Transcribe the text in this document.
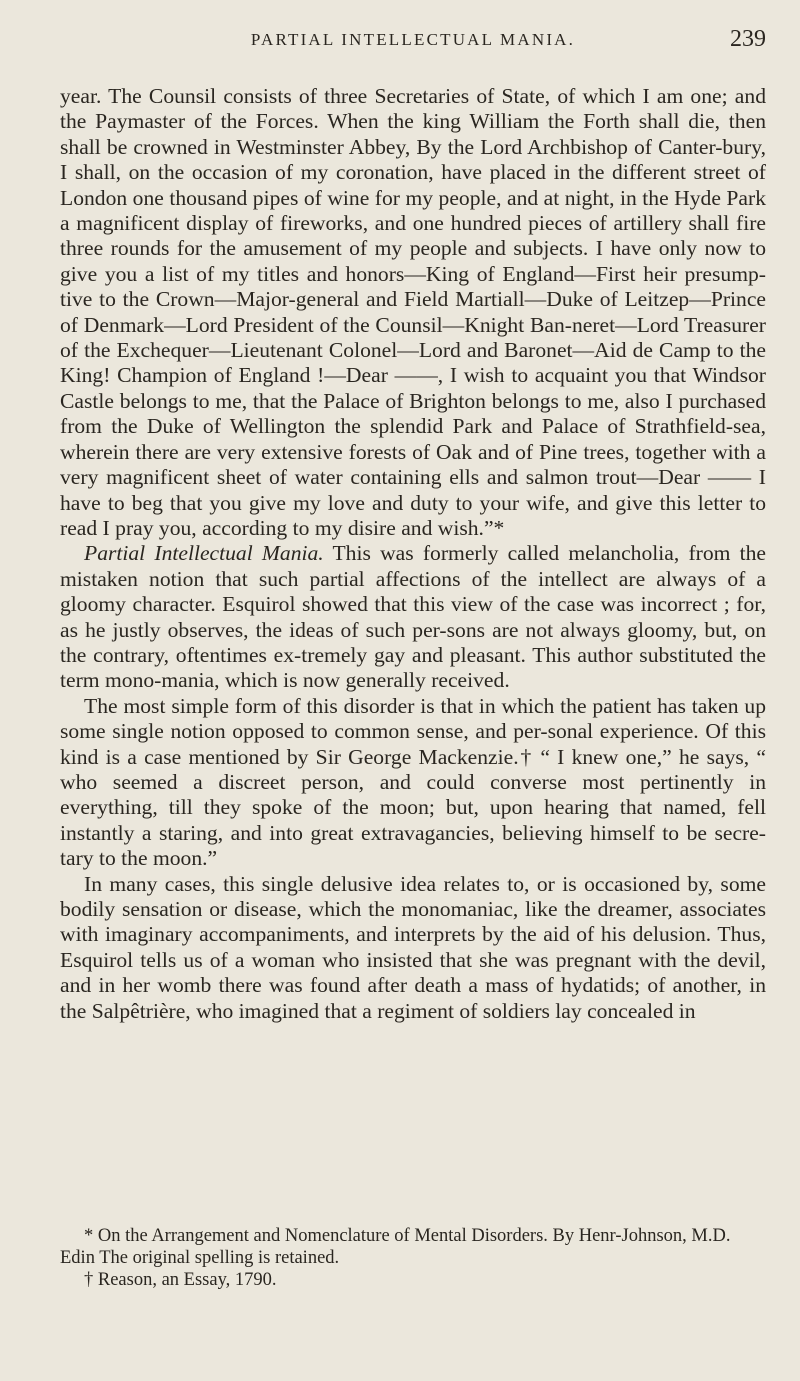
PARTIAL INTELLECTUAL MANIA.	239

year. The Counsil consists of three Secretaries of State, of which I am one; and the Paymaster of the Forces. When the king William the Forth shall die, then shall be crowned in Westminster Abbey, By the Lord Archbishop of Canter-bury, I shall, on the occasion of my coronation, have placed in the different street of London one thousand pipes of wine for my people, and at night, in the Hyde Park a magnificent display of fireworks, and one hundred pieces of artillery shall fire three rounds for the amusement of my people and subjects. I have only now to give you a list of my titles and honors—King of England—First heir presump-tive to the Crown—Major-general and Field Martiall—Duke of Leitzep—Prince of Denmark—Lord President of the Counsil—Knight Ban-neret—Lord Treasurer of the Exchequer—Lieutenant Colonel—Lord and Baronet—Aid de Camp to the King! Champion of England !—Dear ——, I wish to acquaint you that Windsor Castle belongs to me, that the Palace of Brighton belongs to me, also I purchased from the Duke of Wellington the splendid Park and Palace of Strathfield-sea, wherein there are very extensive forests of Oak and of Pine trees, together with a very magnificent sheet of water containing ells and salmon trout—Dear —— I have to beg that you give my love and duty to your wife, and give this letter to read I pray you, according to my disire and wish.”*

Partial Intellectual Mania. This was formerly called melancholia, from the mistaken notion that such partial affections of the intellect are always of a gloomy character. Esquirol showed that this view of the case was incorrect ; for, as he justly observes, the ideas of such per-sons are not always gloomy, but, on the contrary, oftentimes ex-tremely gay and pleasant. This author substituted the term mono-mania, which is now generally received.

The most simple form of this disorder is that in which the patient has taken up some single notion opposed to common sense, and per-sonal experience. Of this kind is a case mentioned by Sir George Mackenzie.† “ I knew one,” he says, “ who seemed a discreet person, and could converse most pertinently in everything, till they spoke of the moon; but, upon hearing that named, fell instantly a staring, and into great extravagancies, believing himself to be secre-tary to the moon.”

In many cases, this single delusive idea relates to, or is occasioned by, some bodily sensation or disease, which the monomaniac, like the dreamer, associates with imaginary accompaniments, and interprets by the aid of his delusion. Thus, Esquirol tells us of a woman who insisted that she was pregnant with the devil, and in her womb there was found after death a mass of hydatids; of another, in the Salpêtrière, who imagined that a regiment of soldiers lay concealed in

* On the Arrangement and Nomenclature of Mental Disorders. By Henr-Johnson, M.D. Edin The original spelling is retained.

† Reason, an Essay, 1790.
